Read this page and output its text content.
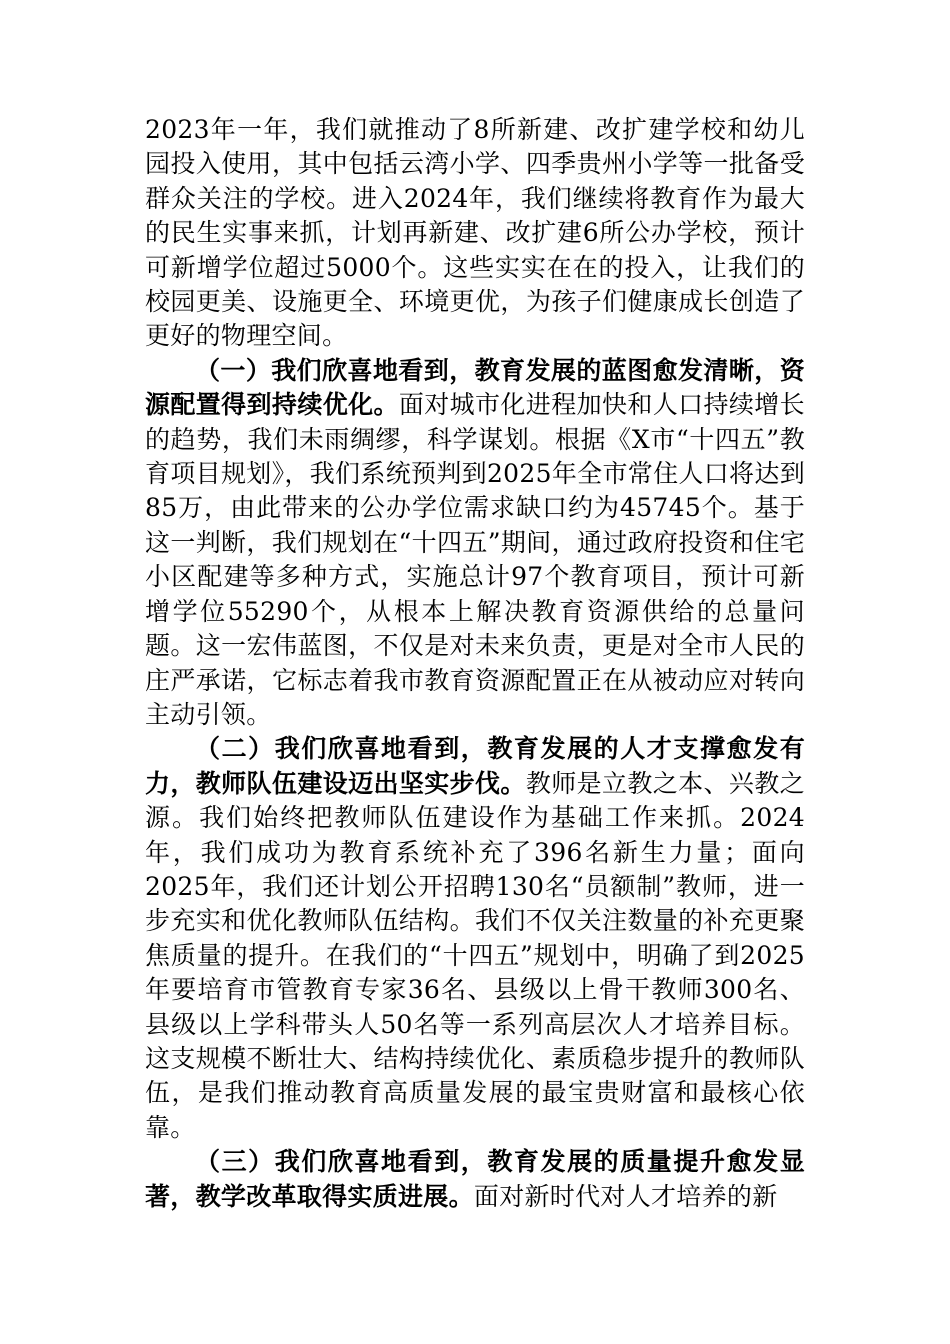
2023年一年，我们就推动了8所新建、改扩建学校和幼儿园投入使用，其中包括云湾小学、四季贵州小学等一批备受群众关注的学校。进入2024年，我们继续将教育作为最大的民生实事来抓，计划再新建、改扩建6所公办学校，预计可新增学位超过5000个。这些实实在在的投入，让我们的校园更美、设施更全、环境更优，为孩子们健康成长创造了更好的物理空间。

（一）我们欣喜地看到，教育发展的蓝图愈发清晰，资源配置得到持续优化。面对城市化进程加快和人口持续增长的趋势，我们未雨绸缪，科学谋划。根据《X市“十四五”教育项目规划》，我们系统预判到2025年全市常住人口将达到85万，由此带来的公办学位需求缺口约为45745个。基于这一判断，我们规划在“十四五”期间，通过政府投资和住宅小区配建等多种方式，实施总计97个教育项目，预计可新增学位55290个，从根本上解决教育资源供给的总量问题。这一宏伟蓝图，不仅是对未来负责，更是对全市人民的庄严承诺，它标志着我市教育资源配置正在从被动应对转向主动引领。

（二）我们欣喜地看到，教育发展的人才支撑愈发有力，教师队伍建设迈出坚实步伐。教师是立教之本、兴教之源。我们始终把教师队伍建设作为基础工作来抓。2024年，我们成功为教育系统补充了396名新生力量；面向2025年，我们还计划公开招聘130名“员额制”教师，进一步充实和优化教师队伍结构。我们不仅关注数量的补充更聚焦质量的提升。在我们的“十四五”规划中，明确了到2025年要培育市管教育专家36名、县级以上骨干教师300名、县级以上学科带头人50名等一系列高层次人才培养目标。这支规模不断壮大、结构持续优化、素质稳步提升的教师队伍，是我们推动教育高质量发展的最宝贵财富和最核心依靠。

（三）我们欣喜地看到，教育发展的质量提升愈发显著，教学改革取得实质进展。面对新时代对人才培养的新
